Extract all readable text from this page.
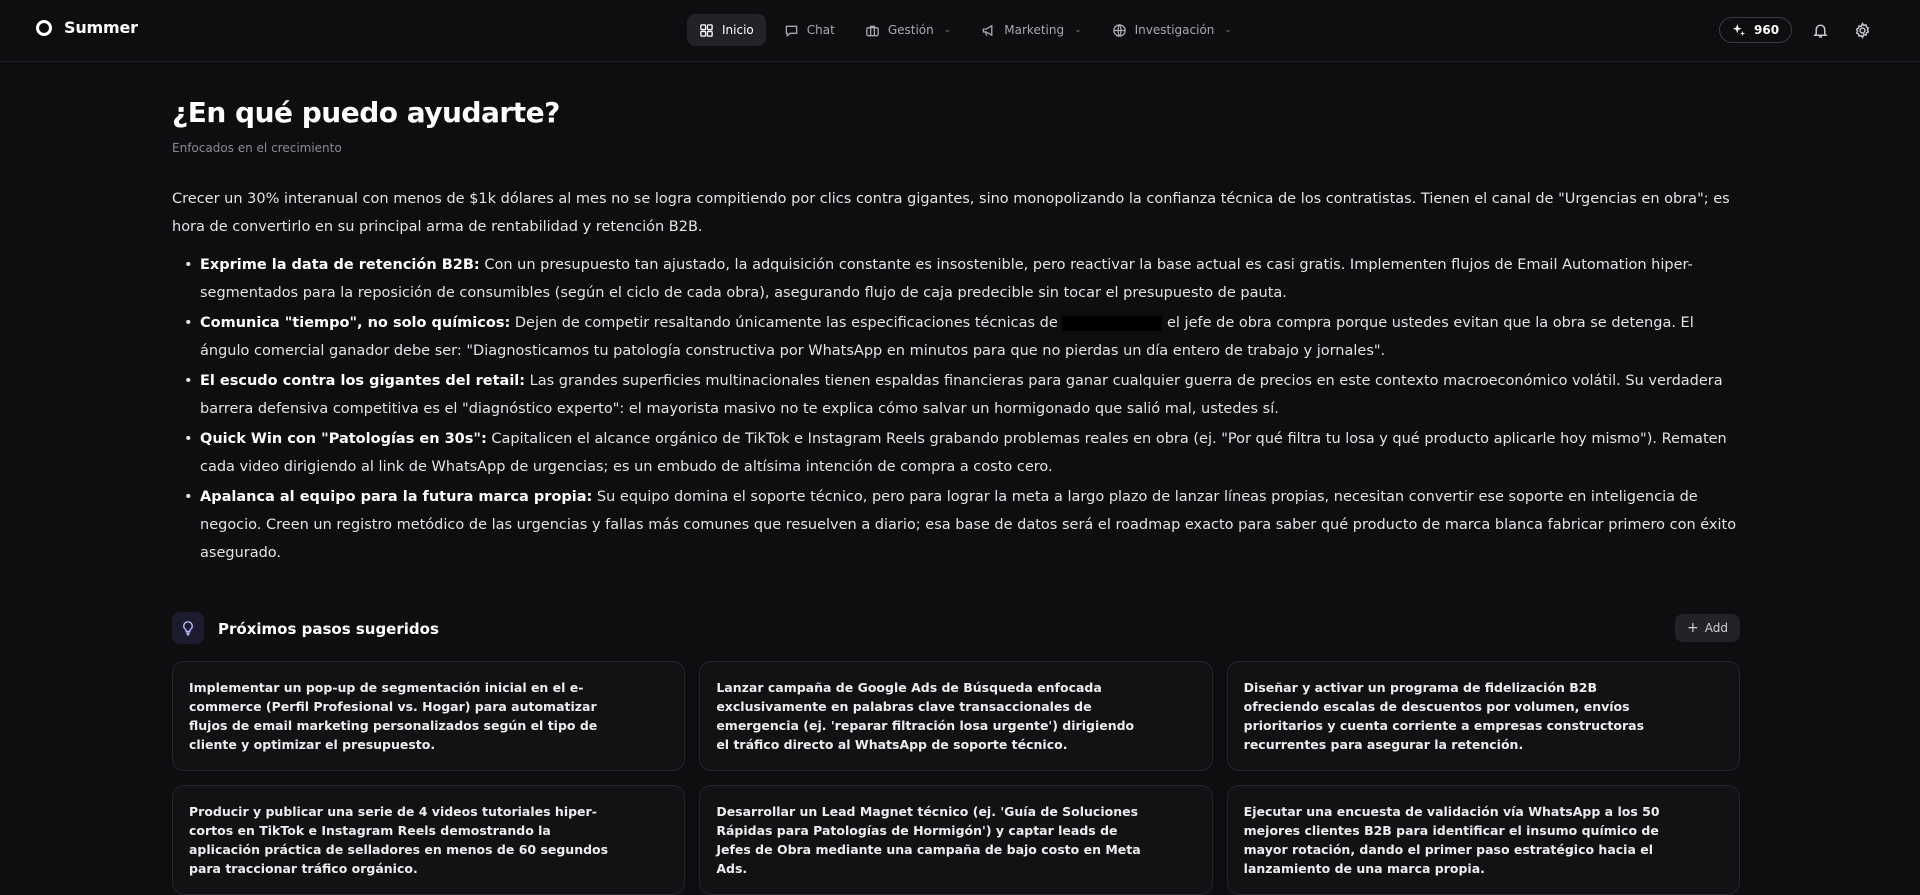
Summer	Inicio	Chat	Gestión ⌄	Marketing ⌄	Investigación ⌄	960
¿En qué puedo ayudarte?
Enfocados en el crecimiento

Crecer un 30% interanual con menos de $1k dólares al mes no se logra compitiendo por clics contra gigantes, sino monopolizando la confianza técnica de los contratistas. Tienen el canal de "Urgencias en obra"; es hora de convertirlo en su principal arma de rentabilidad y retención B2B.

• Exprime la data de retención B2B: Con un presupuesto tan ajustado, la adquisición constante es insostenible, pero reactivar la base actual es casi gratis. Implementen flujos de Email Automation hiper-segmentados para la reposición de consumibles (según el ciclo de cada obra), asegurando flujo de caja predecible sin tocar el presupuesto de pauta.
• Comunica "tiempo", no solo químicos: Dejen de competir resaltando únicamente las especificaciones técnicas de	el jefe de obra compra porque ustedes evitan que la obra se detenga. El ángulo comercial ganador debe ser: "Diagnosticamos tu patología constructiva por WhatsApp en minutos para que no pierdas un día entero de trabajo y jornales".
• El escudo contra los gigantes del retail: Las grandes superficies multinacionales tienen espaldas financieras para ganar cualquier guerra de precios en este contexto macroeconómico volátil. Su verdadera barrera defensiva competitiva es el "diagnóstico experto": el mayorista masivo no te explica cómo salvar un hormigonado que salió mal, ustedes sí.
• Quick Win con "Patologías en 30s": Capitalicen el alcance orgánico de TikTok e Instagram Reels grabando problemas reales en obra (ej. "Por qué filtra tu losa y qué producto aplicarle hoy mismo"). Rematen cada video dirigiendo al link de WhatsApp de urgencias; es un embudo de altísima intención de compra a costo cero.
• Apalanca al equipo para la futura marca propia: Su equipo domina el soporte técnico, pero para lograr la meta a largo plazo de lanzar líneas propias, necesitan convertir ese soporte en inteligencia de negocio. Creen un registro metódico de las urgencias y fallas más comunes que resuelven a diario; esa base de datos será el roadmap exacto para saber qué producto de marca blanca fabricar primero con éxito asegurado.
Próximos pasos sugeridos	+ Add

Implementar un pop-up de segmentación inicial en el e-commerce (Perfil Profesional vs. Hogar) para automatizar flujos de email marketing personalizados según el tipo de cliente y optimizar el presupuesto.

Lanzar campaña de Google Ads de Búsqueda enfocada exclusivamente en palabras clave transaccionales de emergencia (ej. 'reparar filtración losa urgente') dirigiendo el tráfico directo al WhatsApp de soporte técnico.

Diseñar y activar un programa de fidelización B2B ofreciendo escalas de descuentos por volumen, envíos prioritarios y cuenta corriente a empresas constructoras recurrentes para asegurar la retención.

Producir y publicar una serie de 4 videos tutoriales hiper-cortos en TikTok e Instagram Reels demostrando la aplicación práctica de selladores en menos de 60 segundos para traccionar tráfico orgánico.

Desarrollar un Lead Magnet técnico (ej. 'Guía de Soluciones Rápidas para Patologías de Hormigón') y captar leads de Jefes de Obra mediante una campaña de bajo costo en Meta Ads.

Ejecutar una encuesta de validación vía WhatsApp a los 50 mejores clientes B2B para identificar el insumo químico de mayor rotación, dando el primer paso estratégico hacia el lanzamiento de una marca propia.
